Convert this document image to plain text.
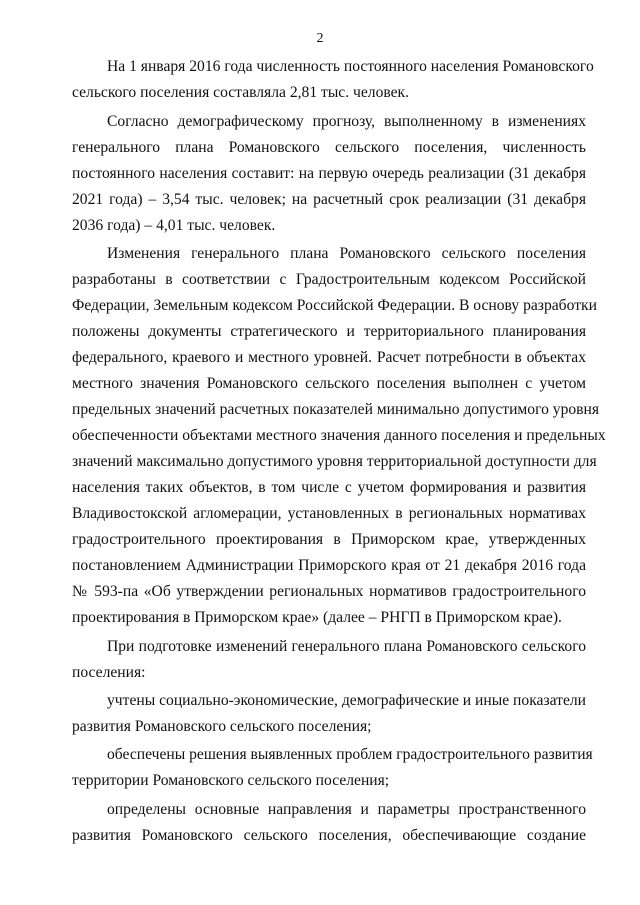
2
На 1 января 2016 года численность постоянного населения Романовского
сельского поселения составляла 2,81 тыс. человек.
Согласно демографическому прогнозу, выполненному в изменениях
генерального плана Романовского сельского поселения, численность
постоянного населения составит: на первую очередь реализации (31 декабря
2021 года) – 3,54 тыс. человек; на расчетный срок реализации (31 декабря
2036 года) – 4,01 тыс. человек.
Изменения генерального плана Романовского сельского поселения
разработаны в соответствии с Градостроительным кодексом Российской
Федерации, Земельным кодексом Российской Федерации. В основу разработки
положены документы стратегического и территориального планирования
федерального, краевого и местного уровней. Расчет потребности в объектах
местного значения Романовского сельского поселения выполнен с учетом
предельных значений расчетных показателей минимально допустимого уровня
обеспеченности объектами местного значения данного поселения и предельных
значений максимально допустимого уровня территориальной доступности для
населения таких объектов, в том числе с учетом формирования и развития
Владивостокской агломерации, установленных в региональных нормативах
градостроительного проектирования в Приморском крае, утвержденных
постановлением Администрации Приморского края от 21 декабря 2016 года
№ 593-па «Об утверждении региональных нормативов градостроительного
проектирования в Приморском крае» (далее – РНГП в Приморском крае).
При подготовке изменений генерального плана Романовского сельского
поселения:
учтены социально-экономические, демографические и иные показатели
развития Романовского сельского поселения;
обеспечены решения выявленных проблем градостроительного развития
территории Романовского сельского поселения;
определены основные направления и параметры пространственного
развития Романовского сельского поселения, обеспечивающие создание
